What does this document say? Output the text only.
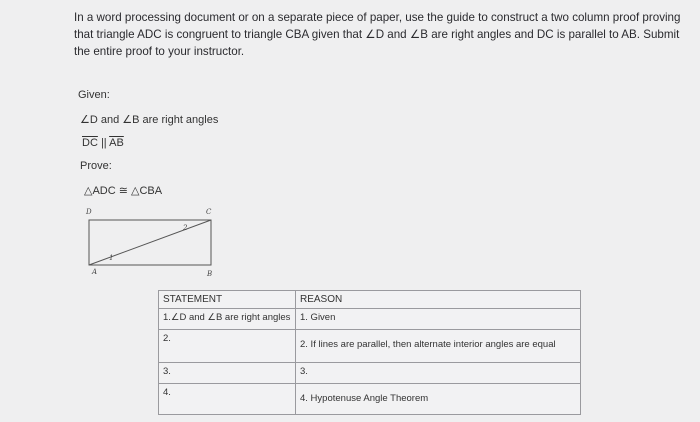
In a word processing document or on a separate piece of paper, use the guide to construct a two column proof proving that triangle ADC is congruent to triangle CBA given that ∠D and ∠B are right angles and DC is parallel to AB. Submit the entire proof to your instructor.
Given:
∠D and ∠B are right angles
$\overline{DC}$ || $\overline{AB}$
Prove:
△ADC ≅ △CBA
D	C
A	B
1
2
STATEMENT	REASON
1.∠D and ∠B are right angles	1. Given
2.	2. If lines are parallel, then alternate interior angles are equal
3.	3.
4.	4. Hypotenuse Angle Theorem
